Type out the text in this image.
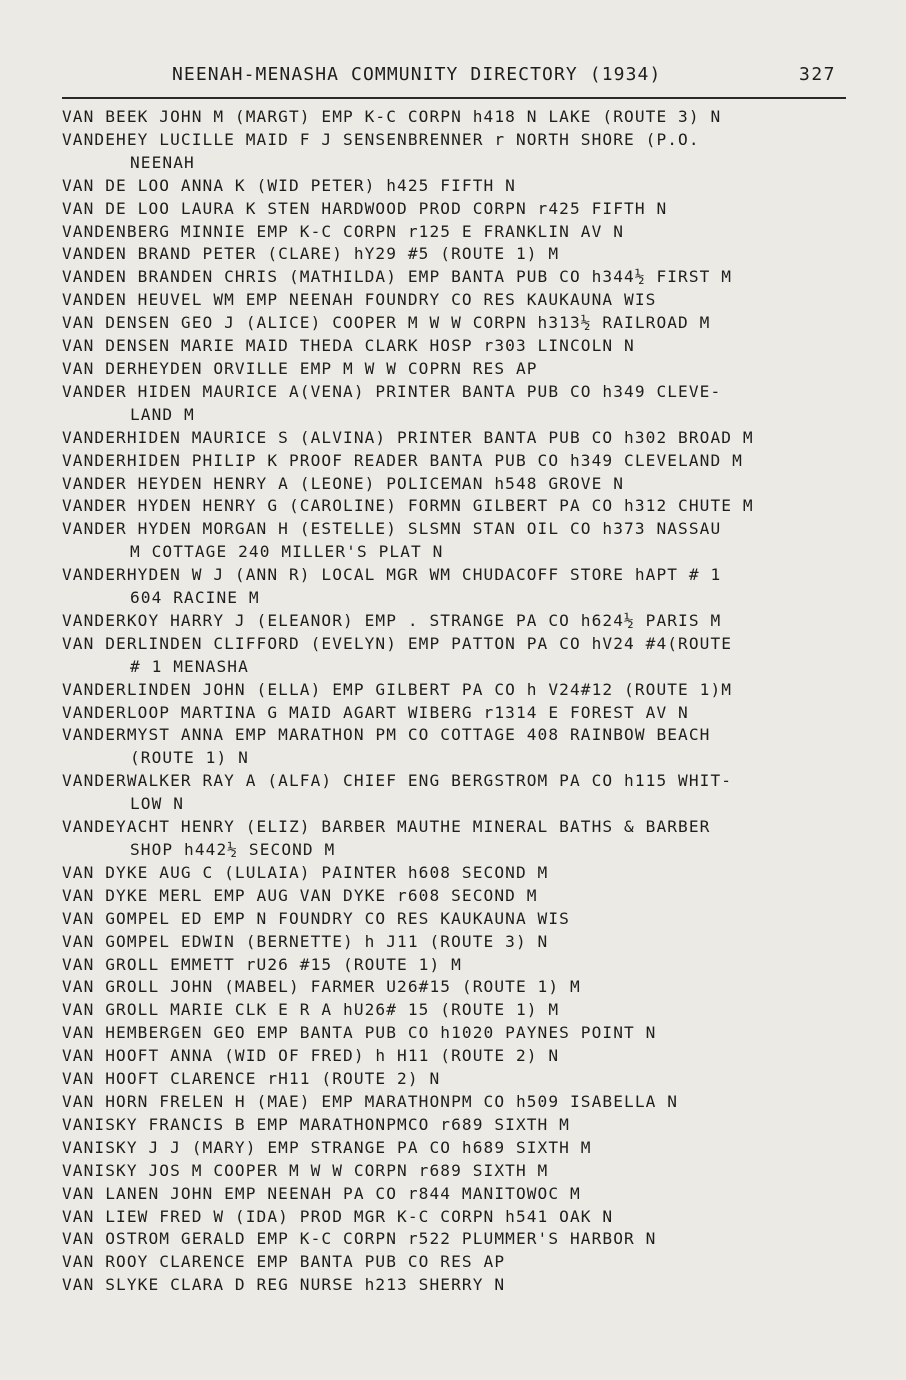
NEENAH-MENASHA COMMUNITY DIRECTORY (1934)	327
VAN BEEK JOHN M (MARGT) EMP K-C CORPN h418 N LAKE (ROUTE 3) N
VANDEHEY LUCILLE MAID F J SENSENBRENNER r NORTH SHORE (P.O.
NEENAH
VAN DE LOO ANNA K (WID PETER) h425 FIFTH N
VAN DE LOO LAURA K STEN HARDWOOD PROD CORPN r425 FIFTH N
VANDENBERG MINNIE EMP K-C CORPN r125 E FRANKLIN AV N
VANDEN BRAND PETER (CLARE) hY29 #5 (ROUTE 1) M
VANDEN BRANDEN CHRIS (MATHILDA) EMP BANTA PUB CO h344½ FIRST M
VANDEN HEUVEL WM EMP NEENAH FOUNDRY CO RES KAUKAUNA WIS
VAN DENSEN GEO J (ALICE) COOPER M W W CORPN h313½ RAILROAD M
VAN DENSEN MARIE MAID THEDA CLARK HOSP r303 LINCOLN N
VAN DERHEYDEN ORVILLE EMP M W W COPRN RES AP
VANDER HIDEN MAURICE A(VENA) PRINTER BANTA PUB CO h349 CLEVE-
LAND M
VANDERHIDEN MAURICE S (ALVINA) PRINTER BANTA PUB CO h302 BROAD M
VANDERHIDEN PHILIP K PROOF READER BANTA PUB CO h349 CLEVELAND M
VANDER HEYDEN HENRY A (LEONE) POLICEMAN h548 GROVE N
VANDER HYDEN HENRY G (CAROLINE) FORMN GILBERT PA CO h312 CHUTE M
VANDER HYDEN MORGAN H (ESTELLE) SLSMN STAN OIL CO h373 NASSAU
M COTTAGE 240 MILLER'S PLAT N
VANDERHYDEN W J (ANN R) LOCAL MGR WM CHUDACOFF STORE hAPT # 1
604 RACINE M
VANDERKOY HARRY J (ELEANOR) EMP . STRANGE PA CO h624½ PARIS M
VAN DERLINDEN CLIFFORD (EVELYN) EMP PATTON PA CO hV24 #4(ROUTE
# 1 MENASHA
VANDERLINDEN JOHN (ELLA) EMP GILBERT PA CO h V24#12 (ROUTE 1)M
VANDERLOOP MARTINA G MAID AGART WIBERG r1314 E FOREST AV N
VANDERMYST ANNA EMP MARATHON PM CO COTTAGE 408 RAINBOW BEACH
(ROUTE 1) N
VANDERWALKER RAY A (ALFA) CHIEF ENG BERGSTROM PA CO h115 WHIT-
LOW N
VANDEYACHT HENRY (ELIZ) BARBER MAUTHE MINERAL BATHS & BARBER
SHOP h442½ SECOND M
VAN DYKE AUG C (LULAIA) PAINTER h608 SECOND M
VAN DYKE MERL EMP AUG VAN DYKE r608 SECOND M
VAN GOMPEL ED EMP N FOUNDRY CO RES KAUKAUNA WIS
VAN GOMPEL EDWIN (BERNETTE) h J11 (ROUTE 3) N
VAN GROLL EMMETT rU26 #15 (ROUTE 1) M
VAN GROLL JOHN (MABEL) FARMER U26#15 (ROUTE 1) M
VAN GROLL MARIE CLK E R A hU26# 15 (ROUTE 1) M
VAN HEMBERGEN GEO EMP BANTA PUB CO h1020 PAYNES POINT N
VAN HOOFT ANNA (WID OF FRED) h H11 (ROUTE 2) N
VAN HOOFT CLARENCE rH11 (ROUTE 2) N
VAN HORN FRELEN H (MAE) EMP MARATHONPM CO h509 ISABELLA N
VANISKY FRANCIS B EMP MARATHONPMCO r689 SIXTH M
VANISKY J J (MARY) EMP STRANGE PA CO h689 SIXTH M
VANISKY JOS M COOPER M W W CORPN r689 SIXTH M
VAN LANEN JOHN EMP NEENAH PA CO r844 MANITOWOC M
VAN LIEW FRED W (IDA) PROD MGR K-C CORPN h541 OAK N
VAN OSTROM GERALD EMP K-C CORPN r522 PLUMMER'S HARBOR N
VAN ROOY CLARENCE EMP BANTA PUB CO RES AP
VAN SLYKE CLARA D REG NURSE h213 SHERRY N
